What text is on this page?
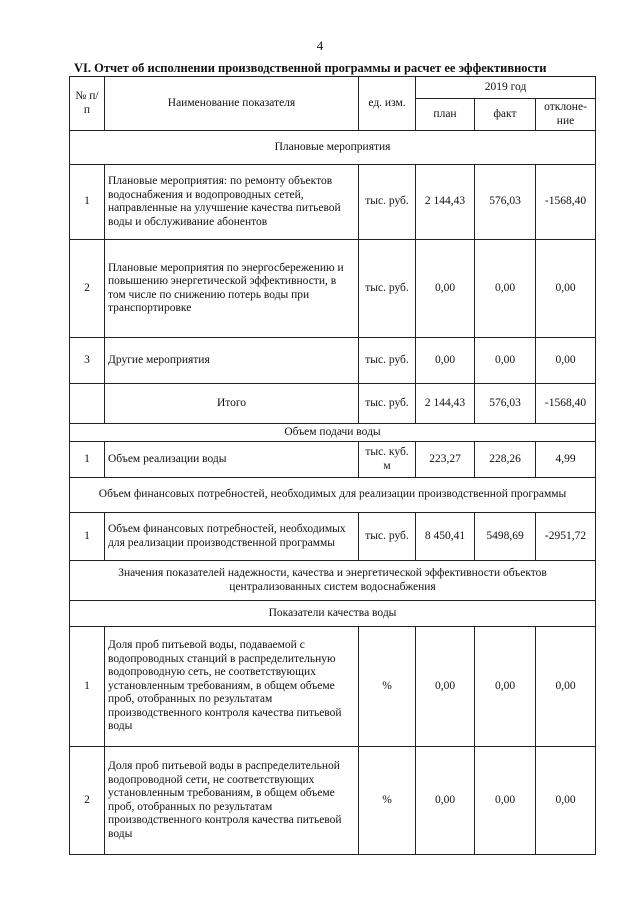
4
VI. Отчет об исполнении производственной программы и расчет ее эффективности
№ п/п	Наименование показателя	ед. изм.	2019 год		
			план	факт	отклоне-ние
Плановые мероприятия					
1	Плановые мероприятия: по ремонту объектов водоснабжения и водопроводных сетей, направленные на улучшение качества питьевой воды и обслуживание абонентов	тыс. руб.	2 144,43	576,03	-1568,40
2	Плановые мероприятия по энергосбережению и повышению энергетической эффективности, в том числе по снижению потерь воды при транспортировке	тыс. руб.	0,00	0,00	0,00
3	Другие мероприятия	тыс. руб.	0,00	0,00	0,00
	Итого	тыс. руб.	2 144,43	576,03	-1568,40
Объем подачи воды					
1	Объем реализации воды	тыс. куб. м	223,27	228,26	4,99
Объем финансовых потребностей, необходимых для реализации производственной программы					
1	Объем финансовых потребностей, необходимых для реализации производственной программы	тыс. руб.	8 450,41	5498,69	-2951,72
Значения показателей надежности, качества и энергетической эффективности объектов централизованных систем водоснабжения					
Показатели качества воды					
1	Доля проб питьевой воды, подаваемой с водопроводных станций в распределительную водопроводную сеть, не соответствующих установленным требованиям, в общем объеме проб, отобранных по результатам производственного контроля качества питьевой воды	%	0,00	0,00	0,00
2	Доля проб питьевой воды в распределительной водопроводной сети, не соответствующих установленным требованиям, в общем объеме проб, отобранных по результатам производственного контроля качества питьевой воды	%	0,00	0,00	0,00
